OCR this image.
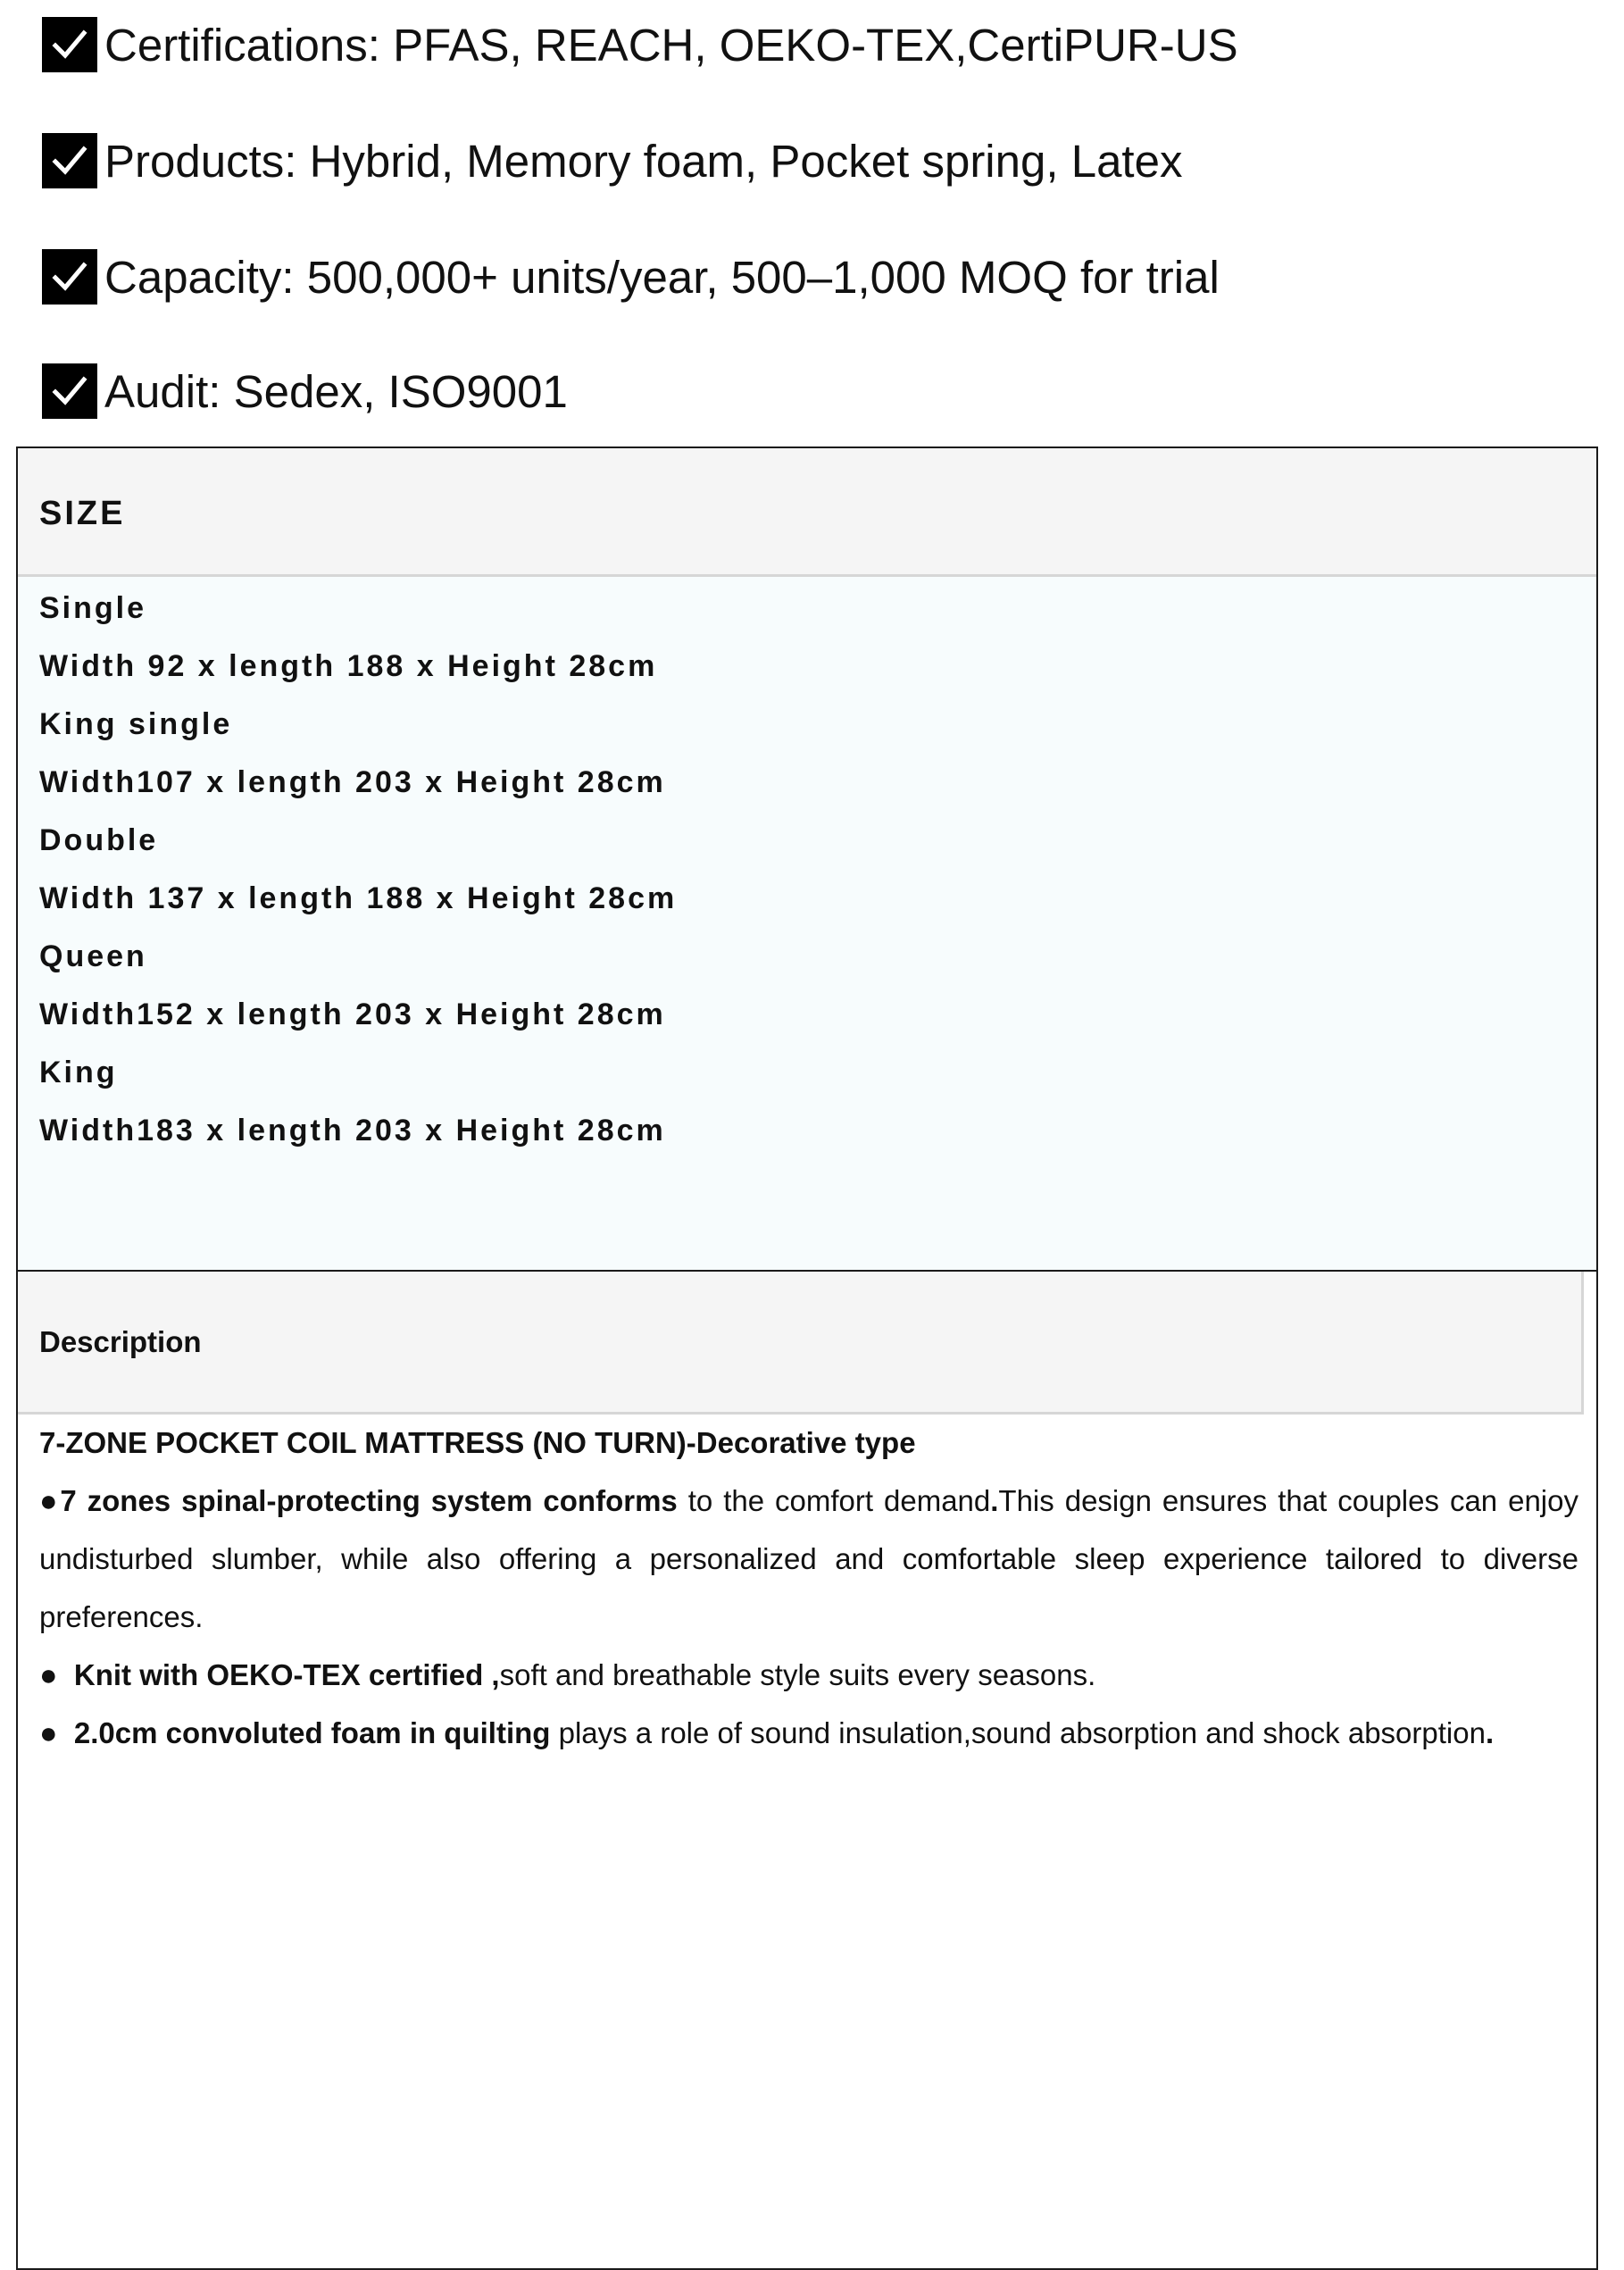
Certifications: PFAS, REACH, OEKO-TEX,CertiPUR-US
Products: Hybrid, Memory foam, Pocket spring, Latex
Capacity: 500,000+ units/year, 500–1,000 MOQ for trial
Audit: Sedex, ISO9001
SIZE
Single
Width 92 x length 188 x Height 28cm
King single
Width107 x length 203 x Height 28cm
Double
Width 137 x length 188 x Height 28cm
Queen
Width152 x length 203 x Height 28cm
King
Width183 x length 203 x Height 28cm
Description
7-ZONE POCKET COIL MATTRESS (NO TURN)-Decorative type
●7 zones spinal-protecting system conforms to the comfort demand.This design ensures that couples can enjoy
undisturbed slumber, while also offering a personalized and comfortable sleep experience tailored to diverse
preferences.
● Knit with OEKO-TEX certified ,soft and breathable style suits every seasons.
● 2.0cm convoluted foam in quilting plays a role of sound insulation,sound absorption and shock absorption.
